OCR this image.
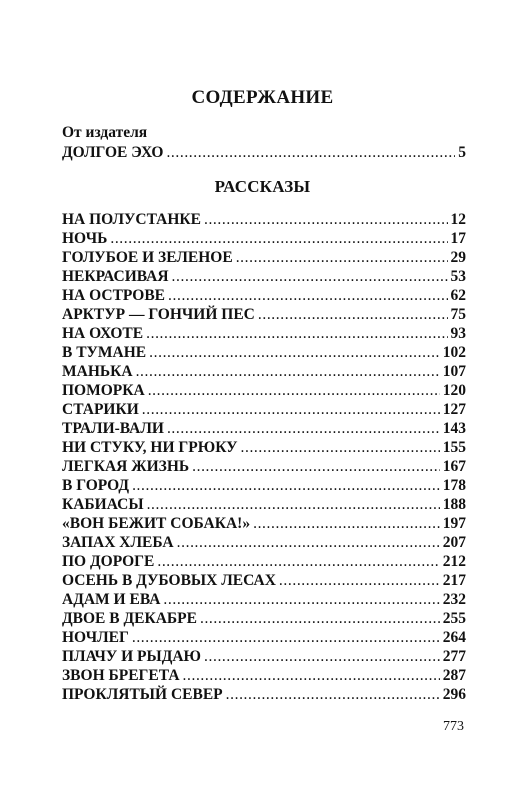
СОДЕРЖАНИЕ
От издателя
ДОЛГОЕ ЭХО .....	5
РАССКАЗЫ
НА ПОЛУСТАНКЕ .....	12
НОЧЬ .....	17
ГОЛУБОЕ И ЗЕЛЕНОЕ .....	29
НЕКРАСИВАЯ .....	53
НА ОСТРОВЕ .....	62
АРКТУР — ГОНЧИЙ ПЕС .....	75
НА ОХОТЕ .....	93
В ТУМАНЕ .....	102
МАНЬКА .....	107
ПОМОРКА .....	120
СТАРИКИ .....	127
ТРАЛИ-ВАЛИ .....	143
НИ СТУКУ, НИ ГРЮКУ .....	155
ЛЕГКАЯ ЖИЗНЬ .....	167
В ГОРОД .....	178
КАБИАСЫ .....	188
«ВОН БЕЖИТ СОБАКА!» .....	197
ЗАПАХ ХЛЕБА .....	207
ПО ДОРОГЕ .....	212
ОСЕНЬ В ДУБОВЫХ ЛЕСАХ .....	217
АДАМ И ЕВА .....	232
ДВОЕ В ДЕКАБРЕ .....	255
НОЧЛЕГ .....	264
ПЛАЧУ И РЫДАЮ .....	277
ЗВОН БРЕГЕТА .....	287
ПРОКЛЯТЫЙ СЕВЕР .....	296
773
